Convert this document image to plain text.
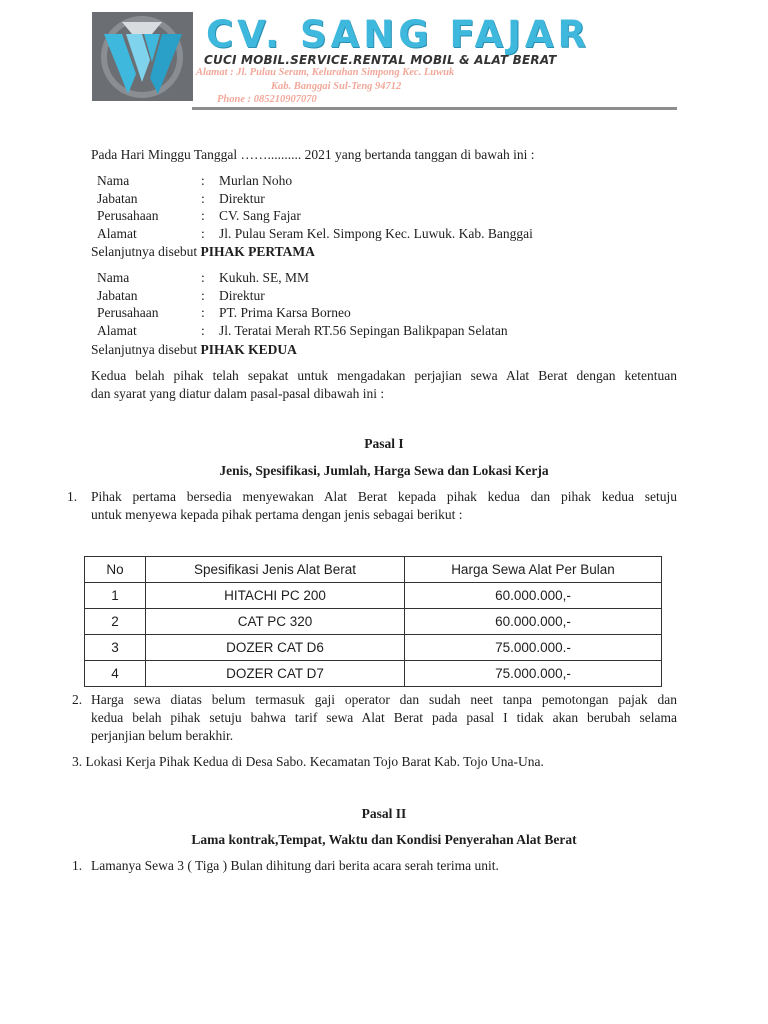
CV. SANG FAJAR
CUCI MOBIL.SERVICE.RENTAL MOBIL & ALAT BERAT
Alamat : Jl. Pulau Seram, Kelurahan Simpong Kec. Luwuk
Kab. Banggai Sul-Teng 94712
Phone : 085210907070
Pada Hari Minggu Tanggal …….......... 2021 yang bertanda tanggan di bawah ini :
Nama	: Murlan Noho
Jabatan	: Direktur
Perusahaan	: CV. Sang Fajar
Alamat	: Jl. Pulau Seram Kel. Simpong Kec. Luwuk. Kab. Banggai
Selanjutnya disebut PIHAK PERTAMA
Nama	: Kukuh. SE, MM
Jabatan	: Direktur
Perusahaan	: PT. Prima Karsa Borneo
Alamat	: Jl. Teratai Merah RT.56 Sepingan Balikpapan Selatan
Selanjutnya disebut PIHAK KEDUA
Kedua belah pihak telah sepakat untuk mengadakan perjajian sewa Alat Berat dengan ketentuan
dan syarat yang diatur dalam pasal-pasal dibawah ini :
Pasal I
Jenis, Spesifikasi, Jumlah, Harga Sewa dan Lokasi Kerja
1. Pihak pertama bersedia menyewakan Alat Berat kepada pihak kedua dan pihak kedua setuju
untuk menyewa kepada pihak pertama dengan jenis sebagai berikut :
No	Spesifikasi Jenis Alat Berat	Harga Sewa Alat Per Bulan
1	HITACHI PC 200	60.000.000,-
2	CAT PC 320	60.000.000,-
3	DOZER CAT D6	75.000.000.-
4	DOZER CAT D7	75.000.000,-
2. Harga sewa diatas belum termasuk gaji operator dan sudah neet tanpa pemotongan pajak dan
kedua belah pihak setuju bahwa tarif sewa Alat Berat pada pasal I tidak akan berubah selama
perjanjian belum berakhir.
3. Lokasi Kerja Pihak Kedua di Desa Sabo. Kecamatan Tojo Barat Kab. Tojo Una-Una.
Pasal II
Lama kontrak,Tempat, Waktu dan Kondisi Penyerahan Alat Berat
1. Lamanya Sewa 3 ( Tiga ) Bulan dihitung dari berita acara serah terima unit.
